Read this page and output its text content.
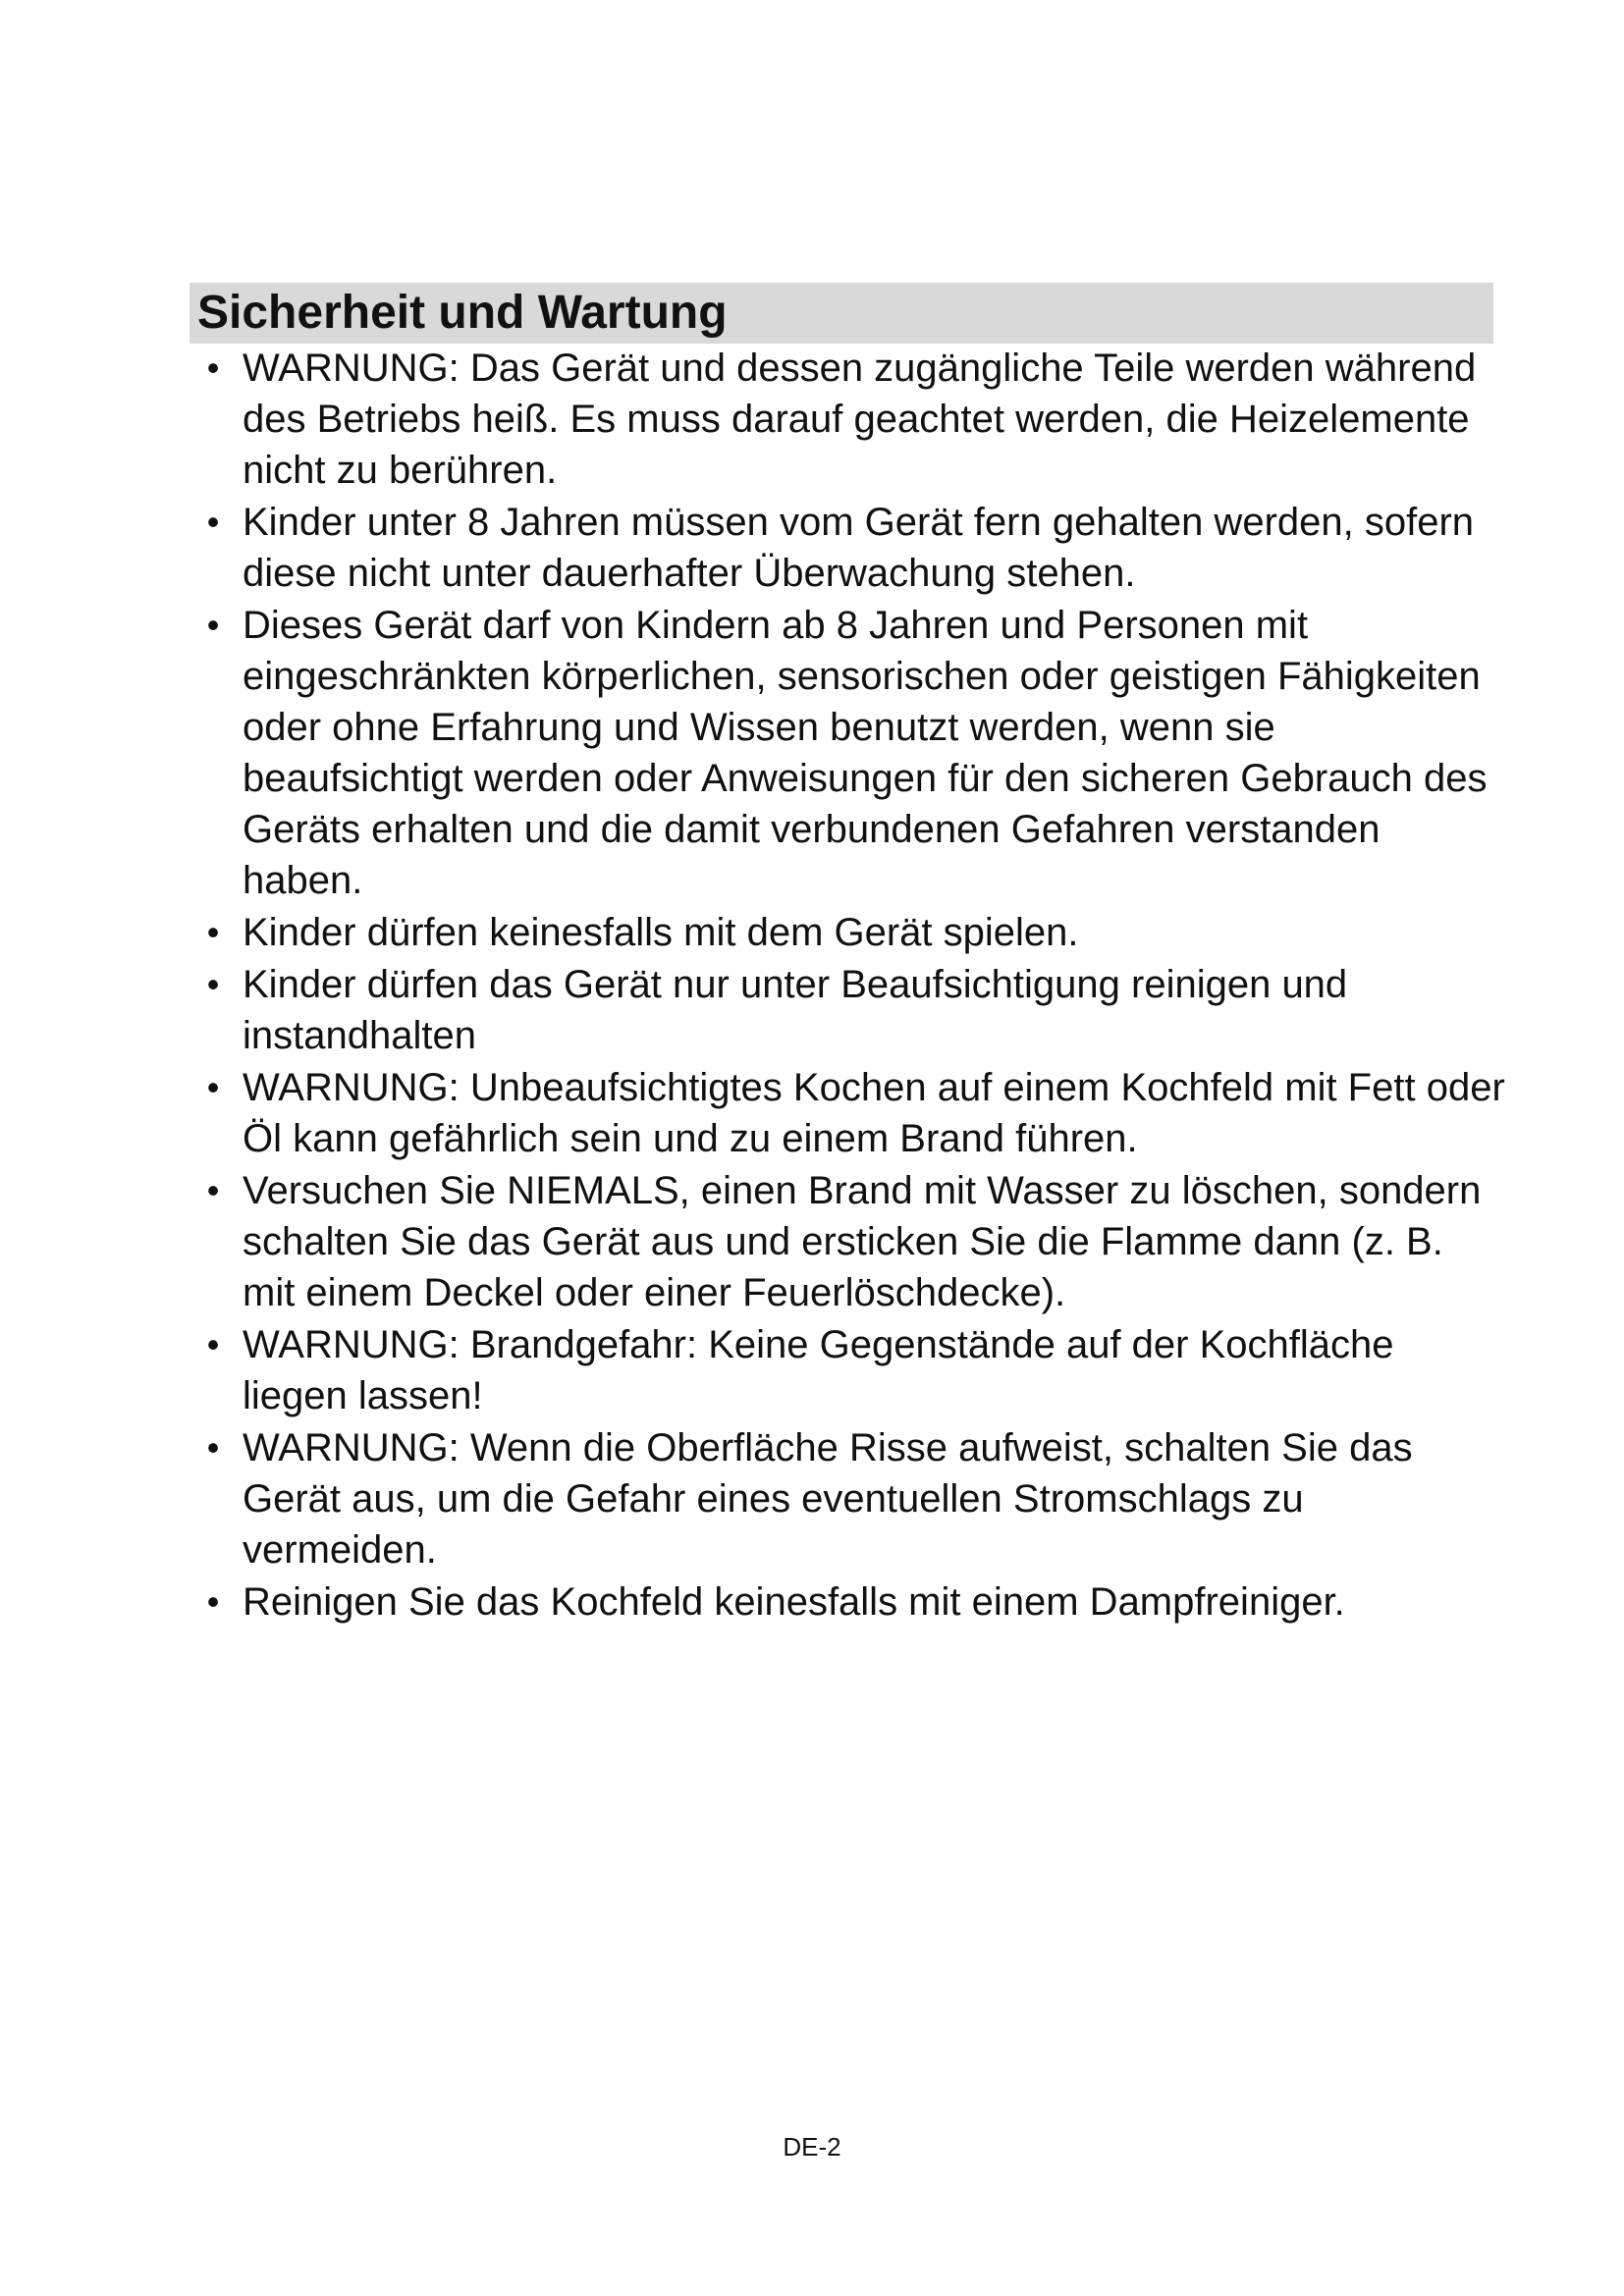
Sicherheit und Wartung
• WARNUNG: Das Gerät und dessen zugängliche Teile werden während des Betriebs heiß. Es muss darauf geachtet werden, die Heizelemente nicht zu berühren.
• Kinder unter 8 Jahren müssen vom Gerät fern gehalten werden, sofern diese nicht unter dauerhafter Überwachung stehen.
• Dieses Gerät darf von Kindern ab 8 Jahren und Personen mit eingeschränkten körperlichen, sensorischen oder geistigen Fähigkeiten oder ohne Erfahrung und Wissen benutzt werden, wenn sie beaufsichtigt werden oder Anweisungen für den sicheren Gebrauch des Geräts erhalten und die damit verbundenen Gefahren verstanden haben.
• Kinder dürfen keinesfalls mit dem Gerät spielen.
• Kinder dürfen das Gerät nur unter Beaufsichtigung reinigen und instandhalten
• WARNUNG: Unbeaufsichtigtes Kochen auf einem Kochfeld mit Fett oder Öl kann gefährlich sein und zu einem Brand führen.
• Versuchen Sie NIEMALS, einen Brand mit Wasser zu löschen, sondern schalten Sie das Gerät aus und ersticken Sie die Flamme dann (z. B. mit einem Deckel oder einer Feuerlöschdecke).
• WARNUNG: Brandgefahr: Keine Gegenstände auf der Kochfläche liegen lassen!
• WARNUNG: Wenn die Oberfläche Risse aufweist, schalten Sie das Gerät aus, um die Gefahr eines eventuellen Stromschlags zu vermeiden.
• Reinigen Sie das Kochfeld keinesfalls mit einem Dampfreiniger.
DE-2
